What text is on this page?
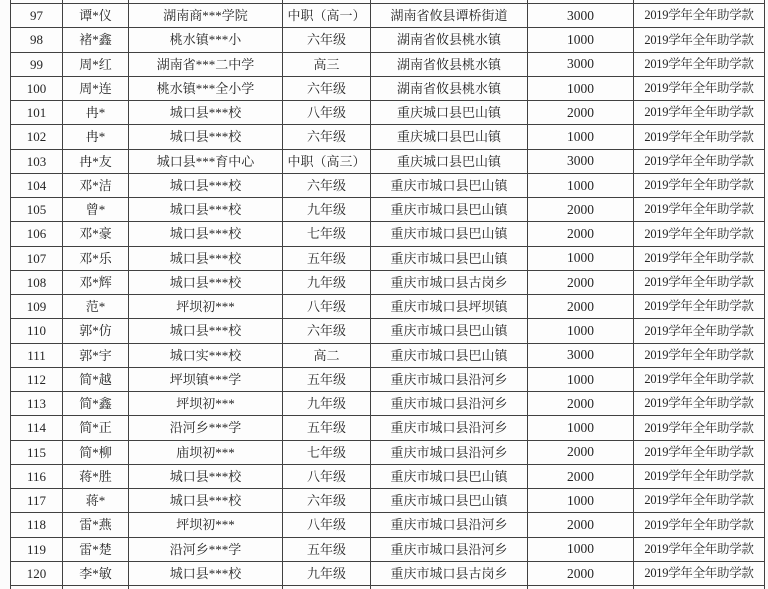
97	谭*仪	湖南商***学院	中职（高一）	湖南省攸县谭桥街道	3000	2019学年全年助学款
98	褚*鑫	桃水镇***小	六年级	湖南省攸县桃水镇	1000	2019学年全年助学款
99	周*红	湖南省***二中学	高三	湖南省攸县桃水镇	3000	2019学年全年助学款
100	周*连	桃水镇***全小学	六年级	湖南省攸县桃水镇	1000	2019学年全年助学款
101	冉*	城口县***校	八年级	重庆城口县巴山镇	2000	2019学年全年助学款
102	冉*	城口县***校	六年级	重庆城口县巴山镇	1000	2019学年全年助学款
103	冉*友	城口县***育中心	中职（高三）	重庆城口县巴山镇	3000	2019学年全年助学款
104	邓*洁	城口县***校	六年级	重庆市城口县巴山镇	1000	2019学年全年助学款
105	曾*	城口县***校	九年级	重庆市城口县巴山镇	2000	2019学年全年助学款
106	邓*豪	城口县***校	七年级	重庆市城口县巴山镇	2000	2019学年全年助学款
107	邓*乐	城口县***校	五年级	重庆市城口县巴山镇	1000	2019学年全年助学款
108	邓*辉	城口县***校	九年级	重庆市城口县古岗乡	2000	2019学年全年助学款
109	范*	坪坝初***	八年级	重庆市城口县坪坝镇	2000	2019学年全年助学款
110	郭*仿	城口县***校	六年级	重庆市城口县巴山镇	1000	2019学年全年助学款
111	郭*宇	城口实***校	高二	重庆市城口县巴山镇	3000	2019学年全年助学款
112	简*越	坪坝镇***学	五年级	重庆市城口县沿河乡	1000	2019学年全年助学款
113	简*鑫	坪坝初***	九年级	重庆市城口县沿河乡	2000	2019学年全年助学款
114	简*正	沿河乡***学	五年级	重庆市城口县沿河乡	1000	2019学年全年助学款
115	简*柳	庙坝初***	七年级	重庆市城口县沿河乡	2000	2019学年全年助学款
116	蒋*胜	城口县***校	八年级	重庆市城口县巴山镇	2000	2019学年全年助学款
117	蒋*	城口县***校	六年级	重庆市城口县巴山镇	1000	2019学年全年助学款
118	雷*燕	坪坝初***	八年级	重庆市城口县沿河乡	2000	2019学年全年助学款
119	雷*楚	沿河乡***学	五年级	重庆市城口县沿河乡	1000	2019学年全年助学款
120	李*敏	城口县***校	九年级	重庆市城口县古岗乡	2000	2019学年全年助学款
